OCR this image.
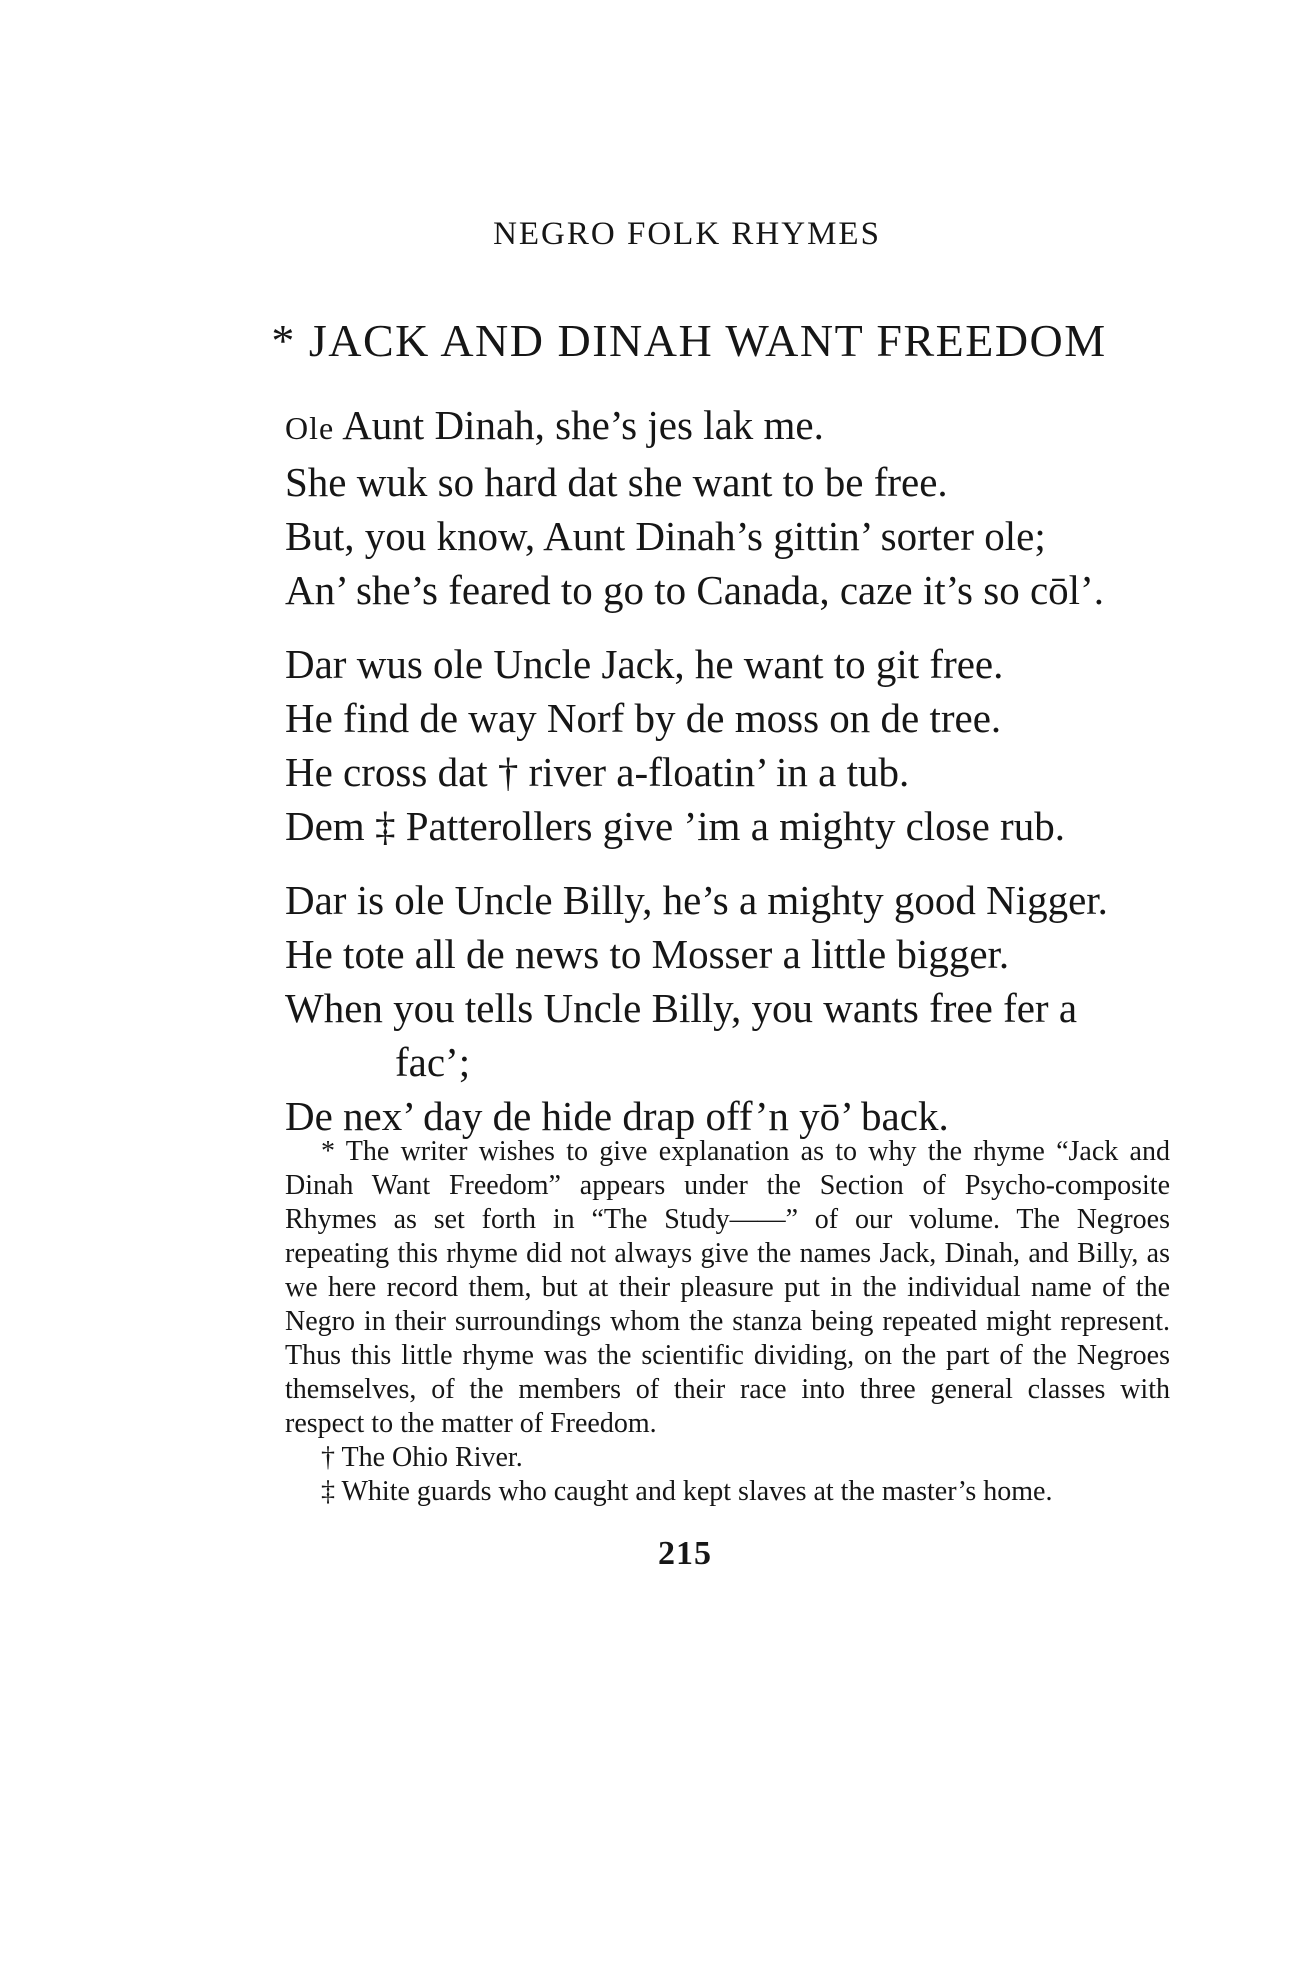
NEGRO FOLK RHYMES
* JACK AND DINAH WANT FREEDOM
Ole Aunt Dinah, she’s jes lak me.
She wuk so hard dat she want to be free.
But, you know, Aunt Dinah’s gittin’ sorter ole;
An’ she’s feared to go to Canada, caze it’s so cōl’.
Dar wus ole Uncle Jack, he want to git free.
He find de way Norf by de moss on de tree.
He cross dat † river a-floatin’ in a tub.
Dem ‡ Patterollers give ’im a mighty close rub.
Dar is ole Uncle Billy, he’s a mighty good Nigger.
He tote all de news to Mosser a little bigger.
When you tells Uncle Billy, you wants free fer a
fac’;
De nex’ day de hide drap off’n yō’ back.

* The writer wishes to give explanation as to why the rhyme “Jack and Dinah Want Freedom” appears under the Section of Psycho-composite Rhymes as set forth in “The Study——” of our volume. The Negroes repeating this rhyme did not always give the names Jack, Dinah, and Billy, as we here record them, but at their pleasure put in the individual name of the Negro in their surroundings whom the stanza being repeated might represent. Thus this little rhyme was the scientific dividing, on the part of the Negroes themselves, of the members of their race into three general classes with respect to the matter of Freedom.

† The Ohio River.

‡ White guards who caught and kept slaves at the master’s home.

215
